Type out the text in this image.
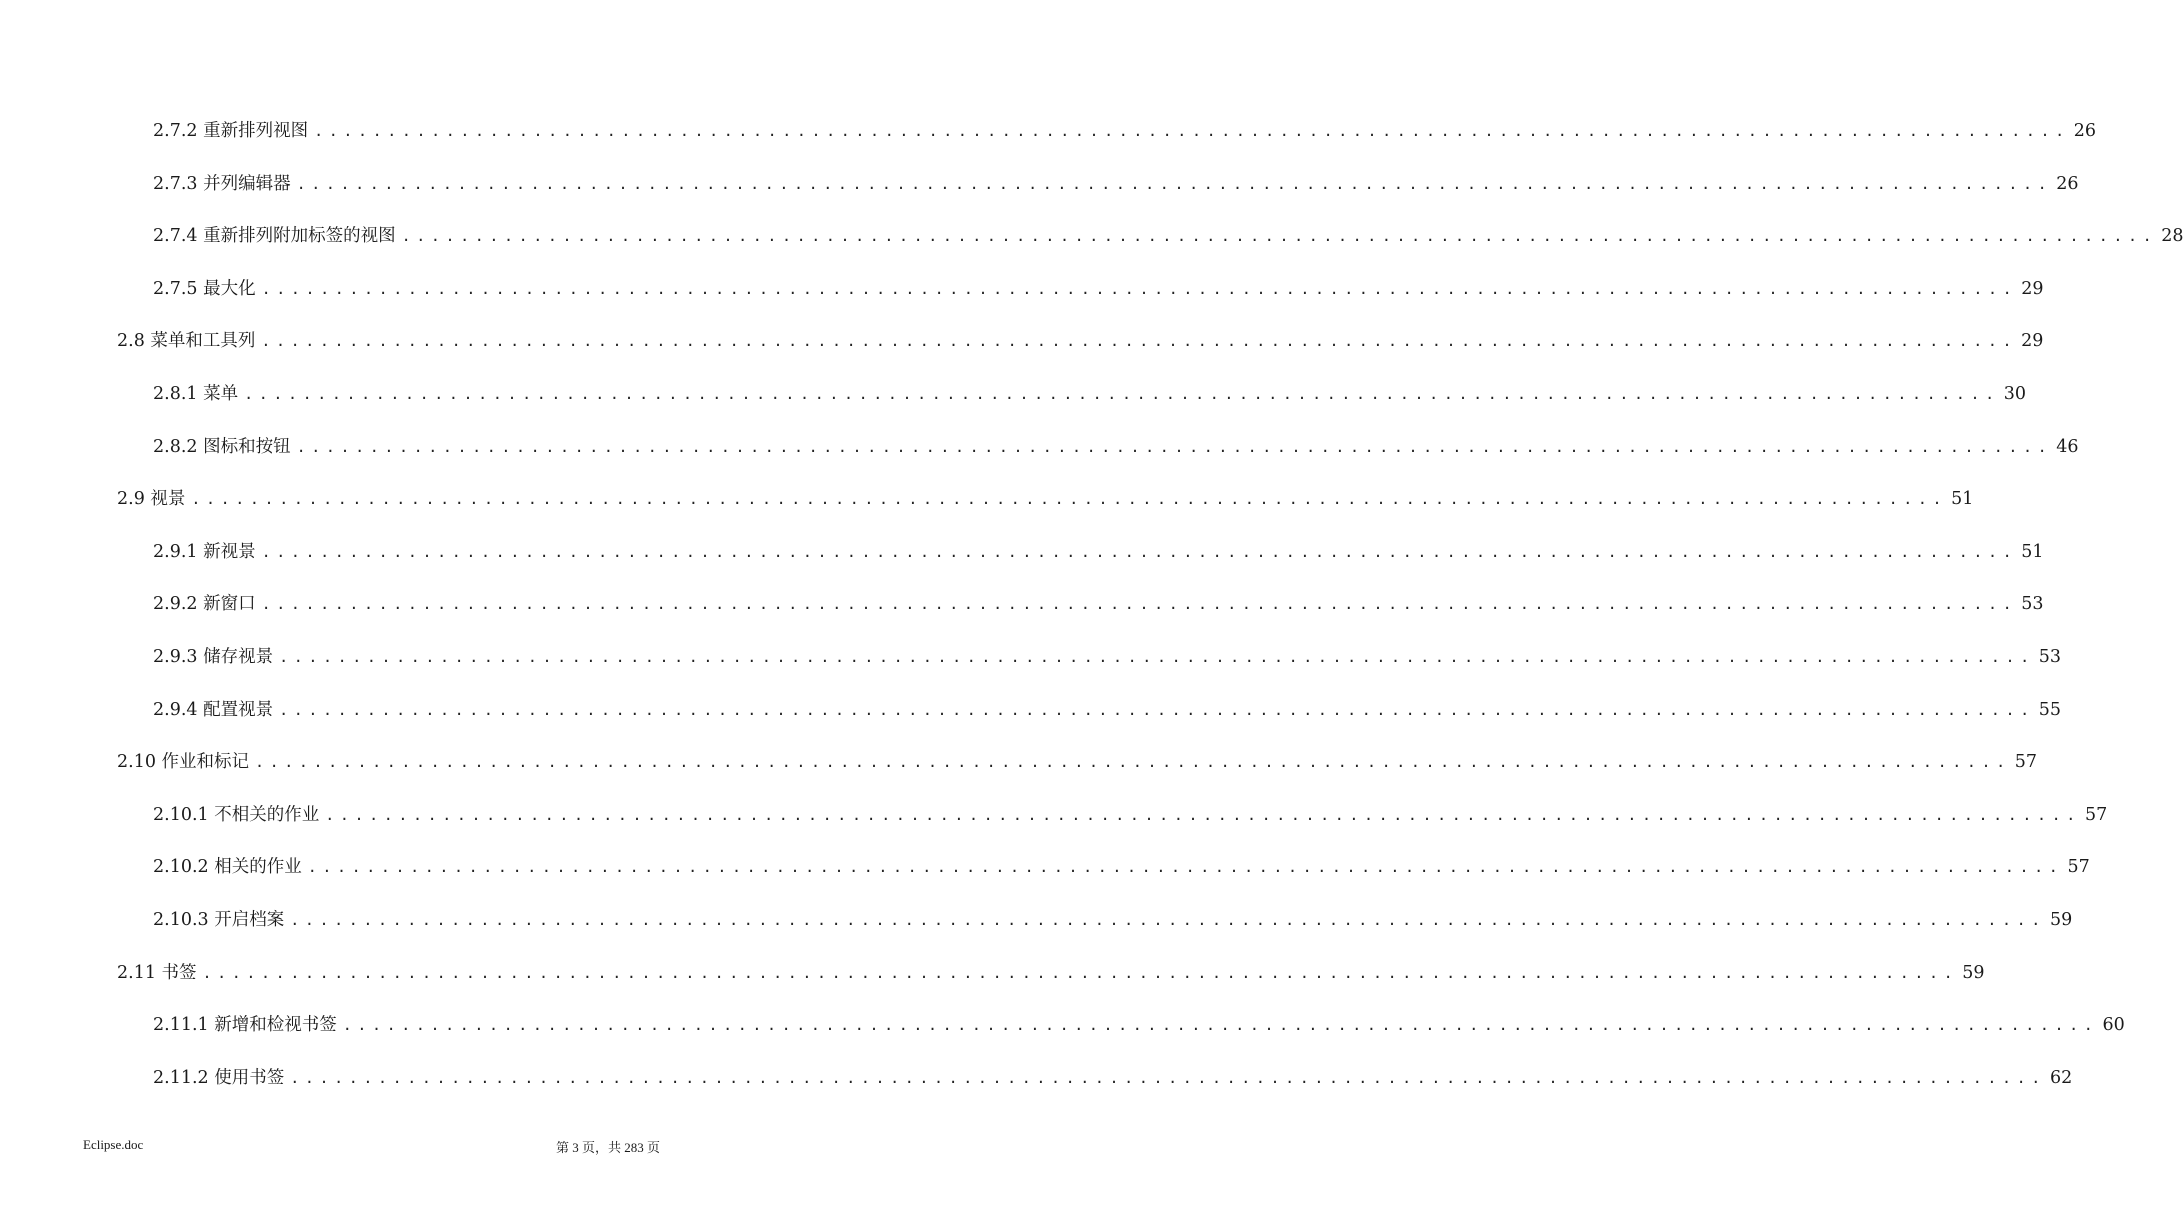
2.7.2 重新排列视图 ........................................................................................................................ 26
2.7.3 并列编辑器 ........................................................................................................................ 26
2.7.4 重新排列附加标签的视图 ........................................................................................................................ 28
2.7.5 最大化 ........................................................................................................................ 29
2.8 菜单和工具列 ........................................................................................................................ 29
2.8.1 菜单 ........................................................................................................................ 30
2.8.2 图标和按钮 ........................................................................................................................ 46
2.9 视景 ........................................................................................................................ 51
2.9.1 新视景 ........................................................................................................................ 51
2.9.2 新窗口 ........................................................................................................................ 53
2.9.3 储存视景 ........................................................................................................................ 53
2.9.4 配置视景 ........................................................................................................................ 55
2.10 作业和标记 ........................................................................................................................ 57
2.10.1 不相关的作业 ........................................................................................................................ 57
2.10.2 相关的作业 ........................................................................................................................ 57
2.10.3 开启档案 ........................................................................................................................ 59
2.11 书签 ........................................................................................................................ 59
2.11.1 新增和检视书签 ........................................................................................................................ 60
2.11.2 使用书签 ........................................................................................................................ 62
Eclipse.doc	第 3 页，共 283 页
